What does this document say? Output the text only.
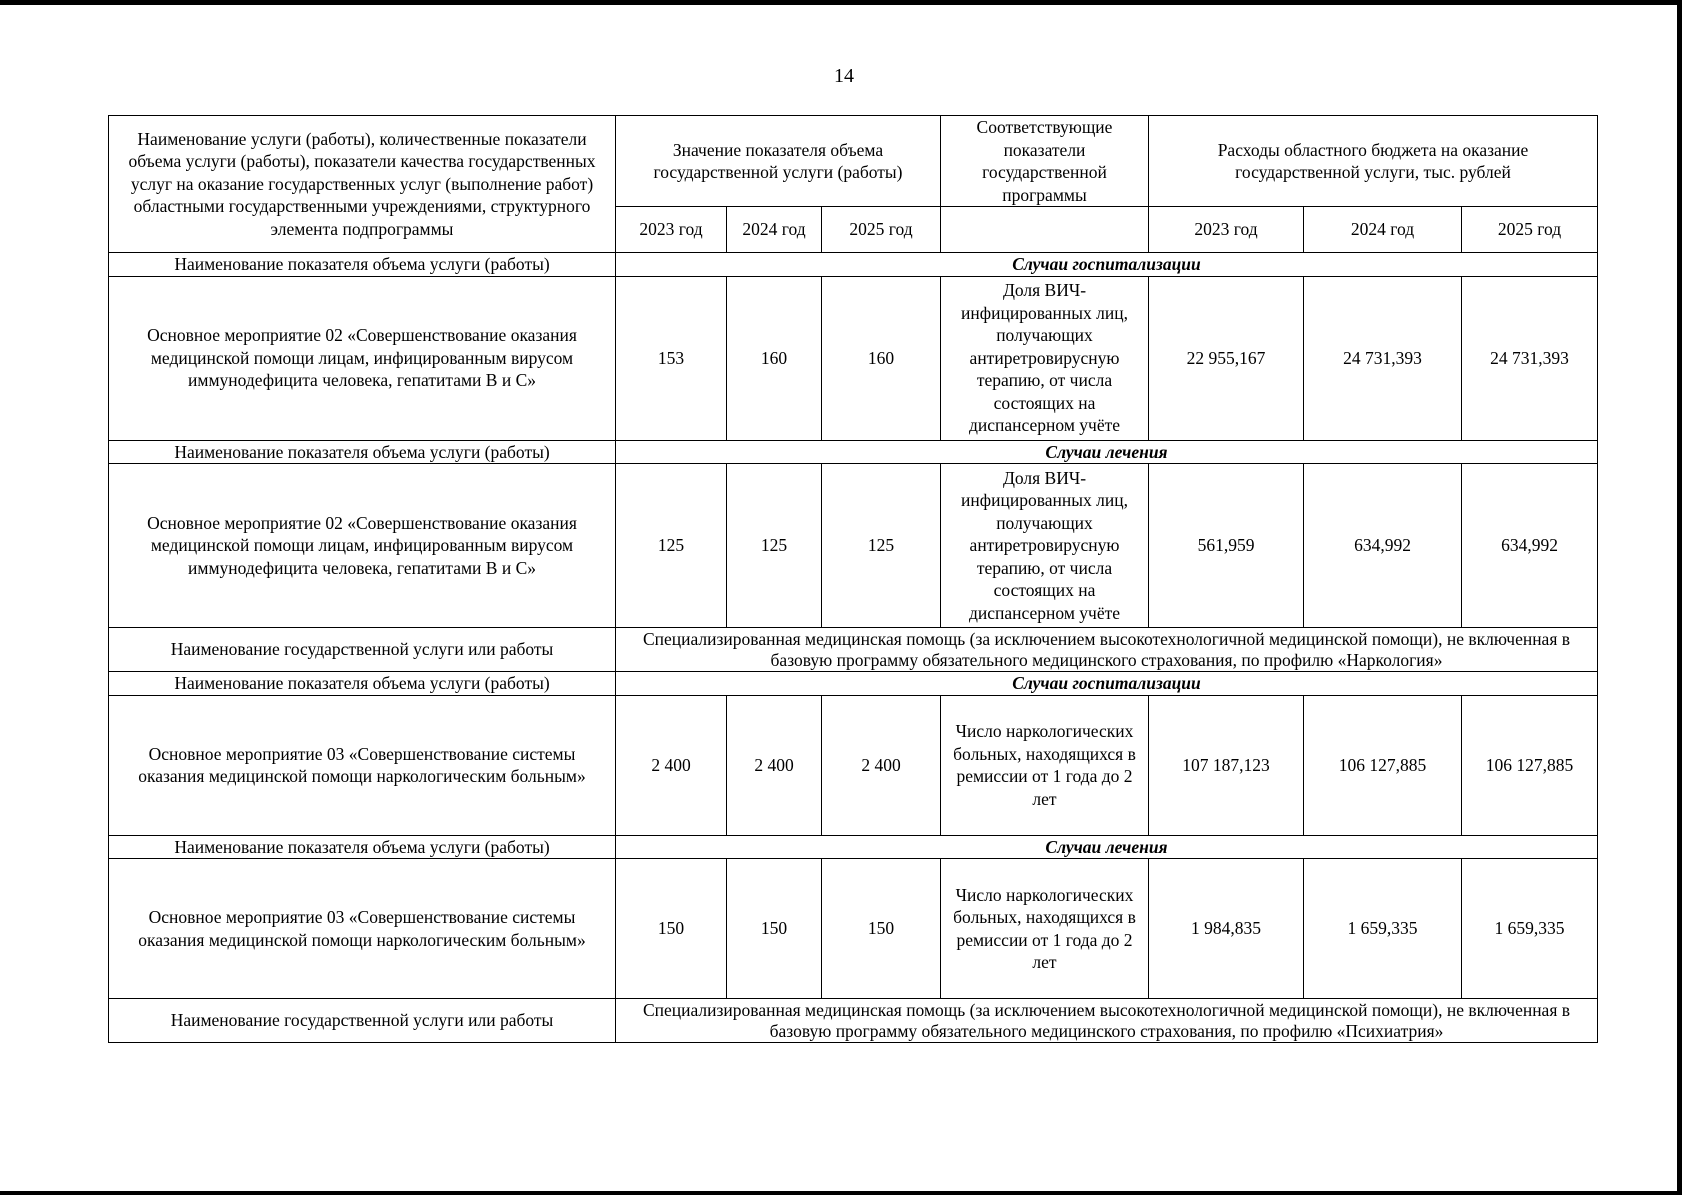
14
Наименование услуги (работы), количественные показатели объема услуги (работы), показатели качества государственных услуг на оказание государственных услуг (выполнение работ) областными государственными учреждениями, структурного элемента подпрограммы	Значение показателя объема государственной услуги (работы)			Соответствующие показатели государственной программы	Расходы областного бюджета на оказание государственной услуги, тыс. рублей		
	2023 год	2024 год	2025 год		2023 год	2024 год	2025 год
Наименование показателя объема услуги (работы)	Случаи госпитализации						
Основное мероприятие 02 «Совершенствование оказания медицинской помощи лицам, инфицированным вирусом иммунодефицита человека, гепатитами В и С»	153	160	160	Доля ВИЧ-инфицированных лиц, получающих антиретровирусную терапию, от числа состоящих на диспансерном учёте	22 955,167	24 731,393	24 731,393
Наименование показателя объема услуги (работы)	Случаи лечения						
Основное мероприятие 02 «Совершенствование оказания медицинской помощи лицам, инфицированным вирусом иммунодефицита человека, гепатитами В и С»	125	125	125	Доля ВИЧ-инфицированных лиц, получающих антиретровирусную терапию, от числа состоящих на диспансерном учёте	561,959	634,992	634,992
Наименование государственной услуги или работы	Специализированная медицинская помощь (за исключением высокотехнологичной медицинской помощи), не включенная в базовую программу обязательного медицинского страхования, по профилю «Наркология»						
Наименование показателя объема услуги (работы)	Случаи госпитализации						
Основное мероприятие 03 «Совершенствование системы оказания медицинской помощи наркологическим больным»	2 400	2 400	2 400	Число наркологических больных, находящихся в ремиссии от 1 года до 2 лет	107 187,123	106 127,885	106 127,885
Наименование показателя объема услуги (работы)	Случаи лечения						
Основное мероприятие 03 «Совершенствование системы оказания медицинской помощи наркологическим больным»	150	150	150	Число наркологических больных, находящихся в ремиссии от 1 года до 2 лет	1 984,835	1 659,335	1 659,335
Наименование государственной услуги или работы	Специализированная медицинская помощь (за исключением высокотехнологичной медицинской помощи), не включенная в базовую программу обязательного медицинского страхования, по профилю «Психиатрия»						
